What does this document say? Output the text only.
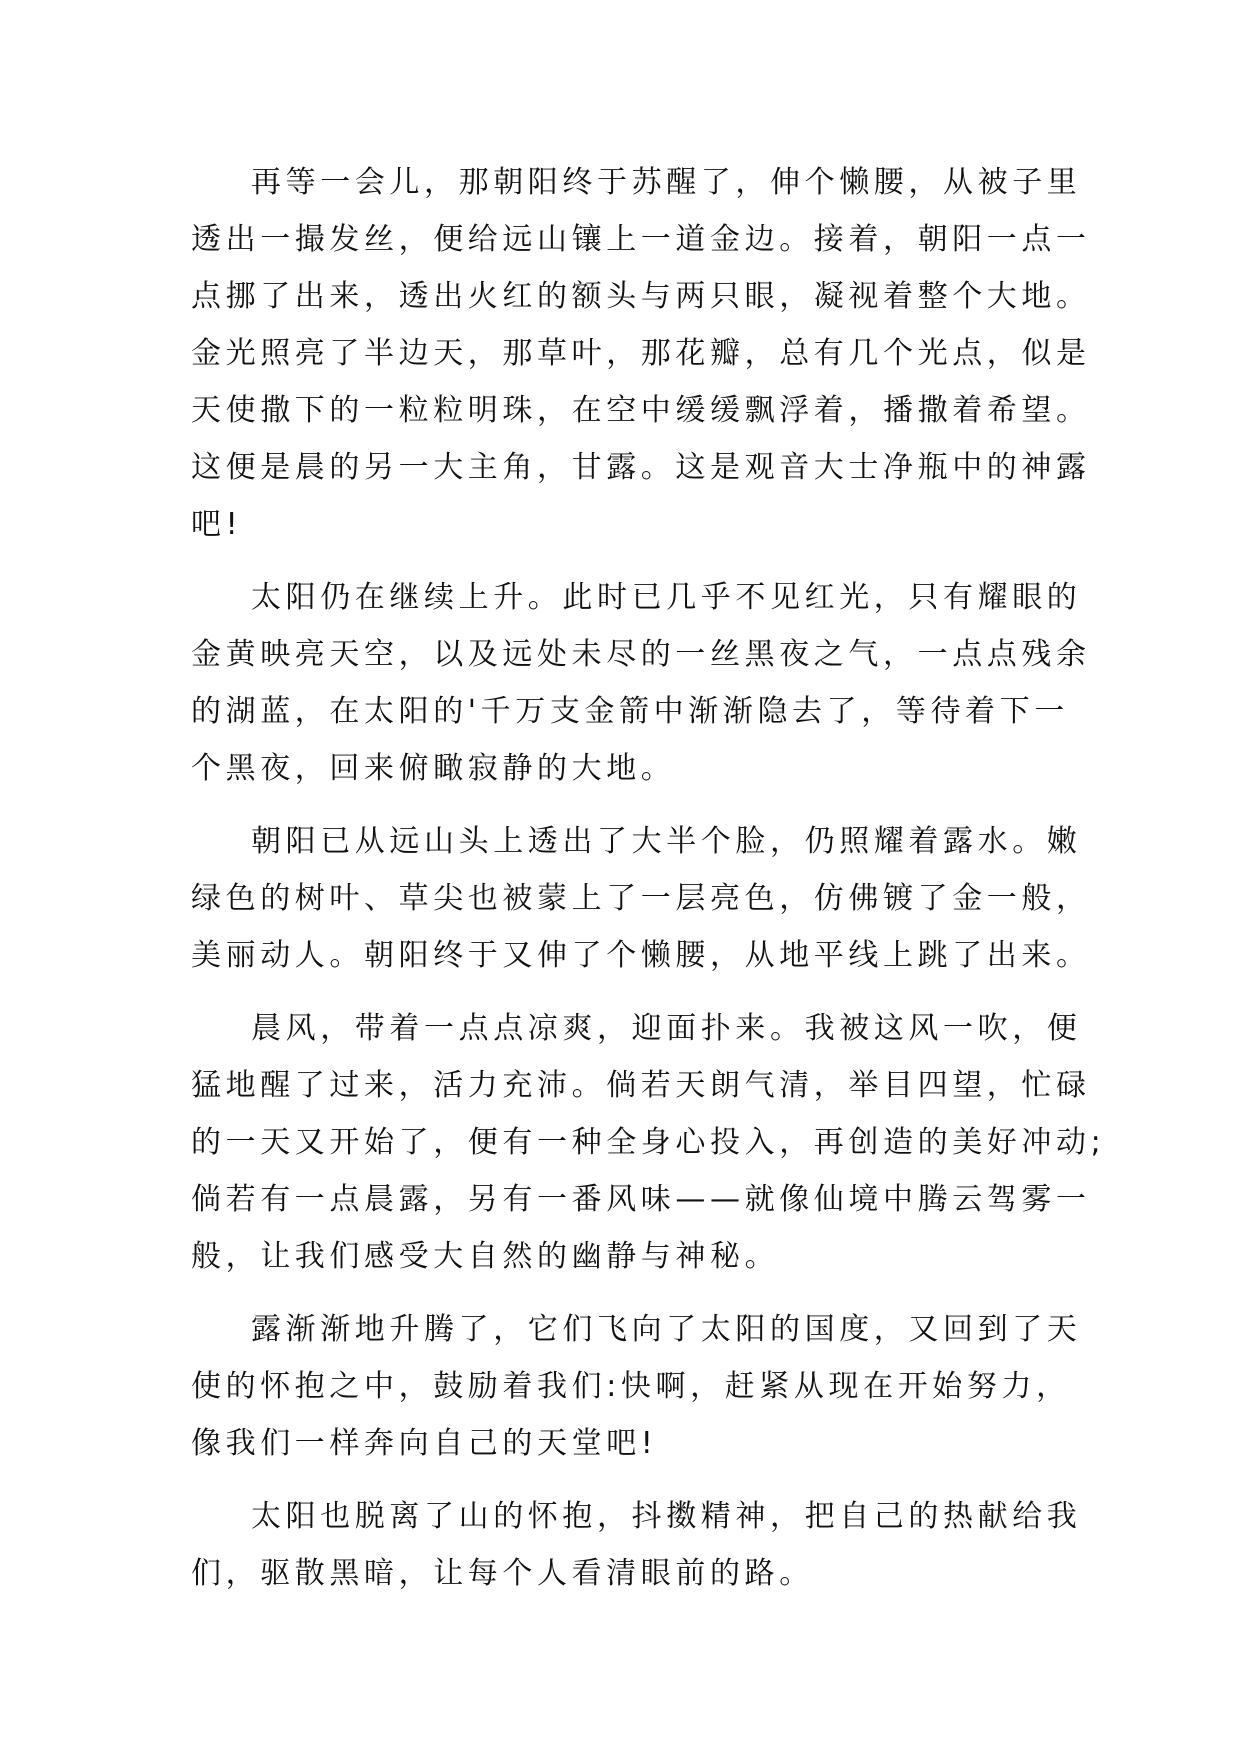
再等一会儿，那朝阳终于苏醒了，伸个懒腰，从被子里
透出一撮发丝，便给远山镶上一道金边。接着，朝阳一点一
点挪了出来，透出火红的额头与两只眼，凝视着整个大地。
金光照亮了半边天，那草叶，那花瓣，总有几个光点，似是
天使撒下的一粒粒明珠，在空中缓缓飘浮着，播撒着希望。
这便是晨的另一大主角，甘露。这是观音大士净瓶中的神露
吧!
太阳仍在继续上升。此时已几乎不见红光，只有耀眼的
金黄映亮天空，以及远处未尽的一丝黑夜之气，一点点残余
的湖蓝，在太阳的'千万支金箭中渐渐隐去了，等待着下一
个黑夜，回来俯瞰寂静的大地。
朝阳已从远山头上透出了大半个脸，仍照耀着露水。嫩
绿色的树叶、草尖也被蒙上了一层亮色，仿佛镀了金一般，
美丽动人。朝阳终于又伸了个懒腰，从地平线上跳了出来。
晨风，带着一点点凉爽，迎面扑来。我被这风一吹，便
猛地醒了过来，活力充沛。倘若天朗气清，举目四望，忙碌
的一天又开始了，便有一种全身心投入，再创造的美好冲动;
倘若有一点晨露，另有一番风味——就像仙境中腾云驾雾一
般，让我们感受大自然的幽静与神秘。
露渐渐地升腾了，它们飞向了太阳的国度，又回到了天
使的怀抱之中，鼓励着我们:快啊，赶紧从现在开始努力，
像我们一样奔向自己的天堂吧!
太阳也脱离了山的怀抱，抖擞精神，把自己的热献给我
们，驱散黑暗，让每个人看清眼前的路。
